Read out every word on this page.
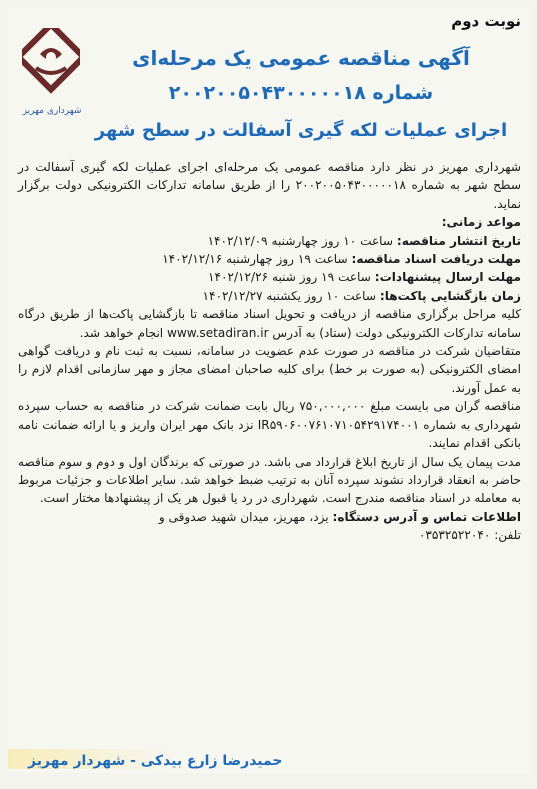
نوبت دوم
شهرداری مهریز
آگهی مناقصه عمومی یک مرحله‌ای
شماره ۲۰۰۲۰۰۵۰۴۳۰۰۰۰۰۱۸
اجرای عملیات لکه گیری آسفالت در سطح شهر

شهرداری مهریز در نظر دارد مناقصه عمومی یک مرحله‌ای اجرای عملیات لکه گیری آسفالت در سطح شهر به شماره ۲۰۰۲۰۰۵۰۴۳۰۰۰۰۰۱۸ را از طریق سامانه تدارکات الکترونیکی دولت برگزار نماید.

مواعد زمانی:

تاریخ انتشار مناقصه: ساعت ۱۰ روز چهارشنبه ۱۴۰۲/۱۲/۰۹

مهلت دریافت اسناد مناقصه: ساعت ۱۹ روز چهارشنبه ۱۴۰۲/۱۲/۱۶

مهلت ارسال پیشنهادات: ساعت ۱۹ روز شنبه ۱۴۰۲/۱۲/۲۶

زمان بازگشایی پاکت‌ها: ساعت ۱۰ روز یکشنبه ۱۴۰۲/۱۲/۲۷

کلیه مراحل برگزاری مناقصه از دریافت و تحویل اسناد مناقصه تا بازگشایی پاکت‌ها از طریق درگاه سامانه تدارکات الکترونیکی دولت (ستاد) به آدرس www.setadiran.ir انجام خواهد شد.

متقاضیان شرکت در مناقصه در صورت عدم عضویت در سامانه، نسبت به ثبت نام و دریافت گواهی امضای الکترونیکی (به صورت بر خط) برای کلیه صاحبان امضای مجاز و مهر سازمانی اقدام لازم را به عمل آورند.

مناقصه گران می بایست مبلغ ۷۵۰,۰۰۰,۰۰۰ ریال بابت ضمانت شرکت در مناقصه به حساب سپرده شهرداری به شماره IR۵۹۰۶۰۰۷۶۱۰۷۱۰۵۴۲۹۱۷۴۰۰۱ نزد بانک مهر ایران واریز و یا ارائه ضمانت نامه بانکی اقدام نمایند.

مدت پیمان یک سال از تاریخ ابلاغ قرارداد می باشد. در صورتی که برندگان اول و دوم و سوم مناقصه حاضر به انعقاد قرارداد نشوند سپرده آنان به ترتیب ضبط خواهد شد. سایر اطلاعات و جزئیات مربوط به معامله در اسناد مناقصه مندرج است. شهرداری در رد یا قبول هر یک از پیشنهادها مختار است.

اطلاعات تماس و آدرس دستگاه: یزد، مهریز، میدان شهید صدوقی و

تلفن: ۰۳۵۳۲۵۲۲۰۴۰

حمیدرضا زارع بیدکی - شهردار مهریز
